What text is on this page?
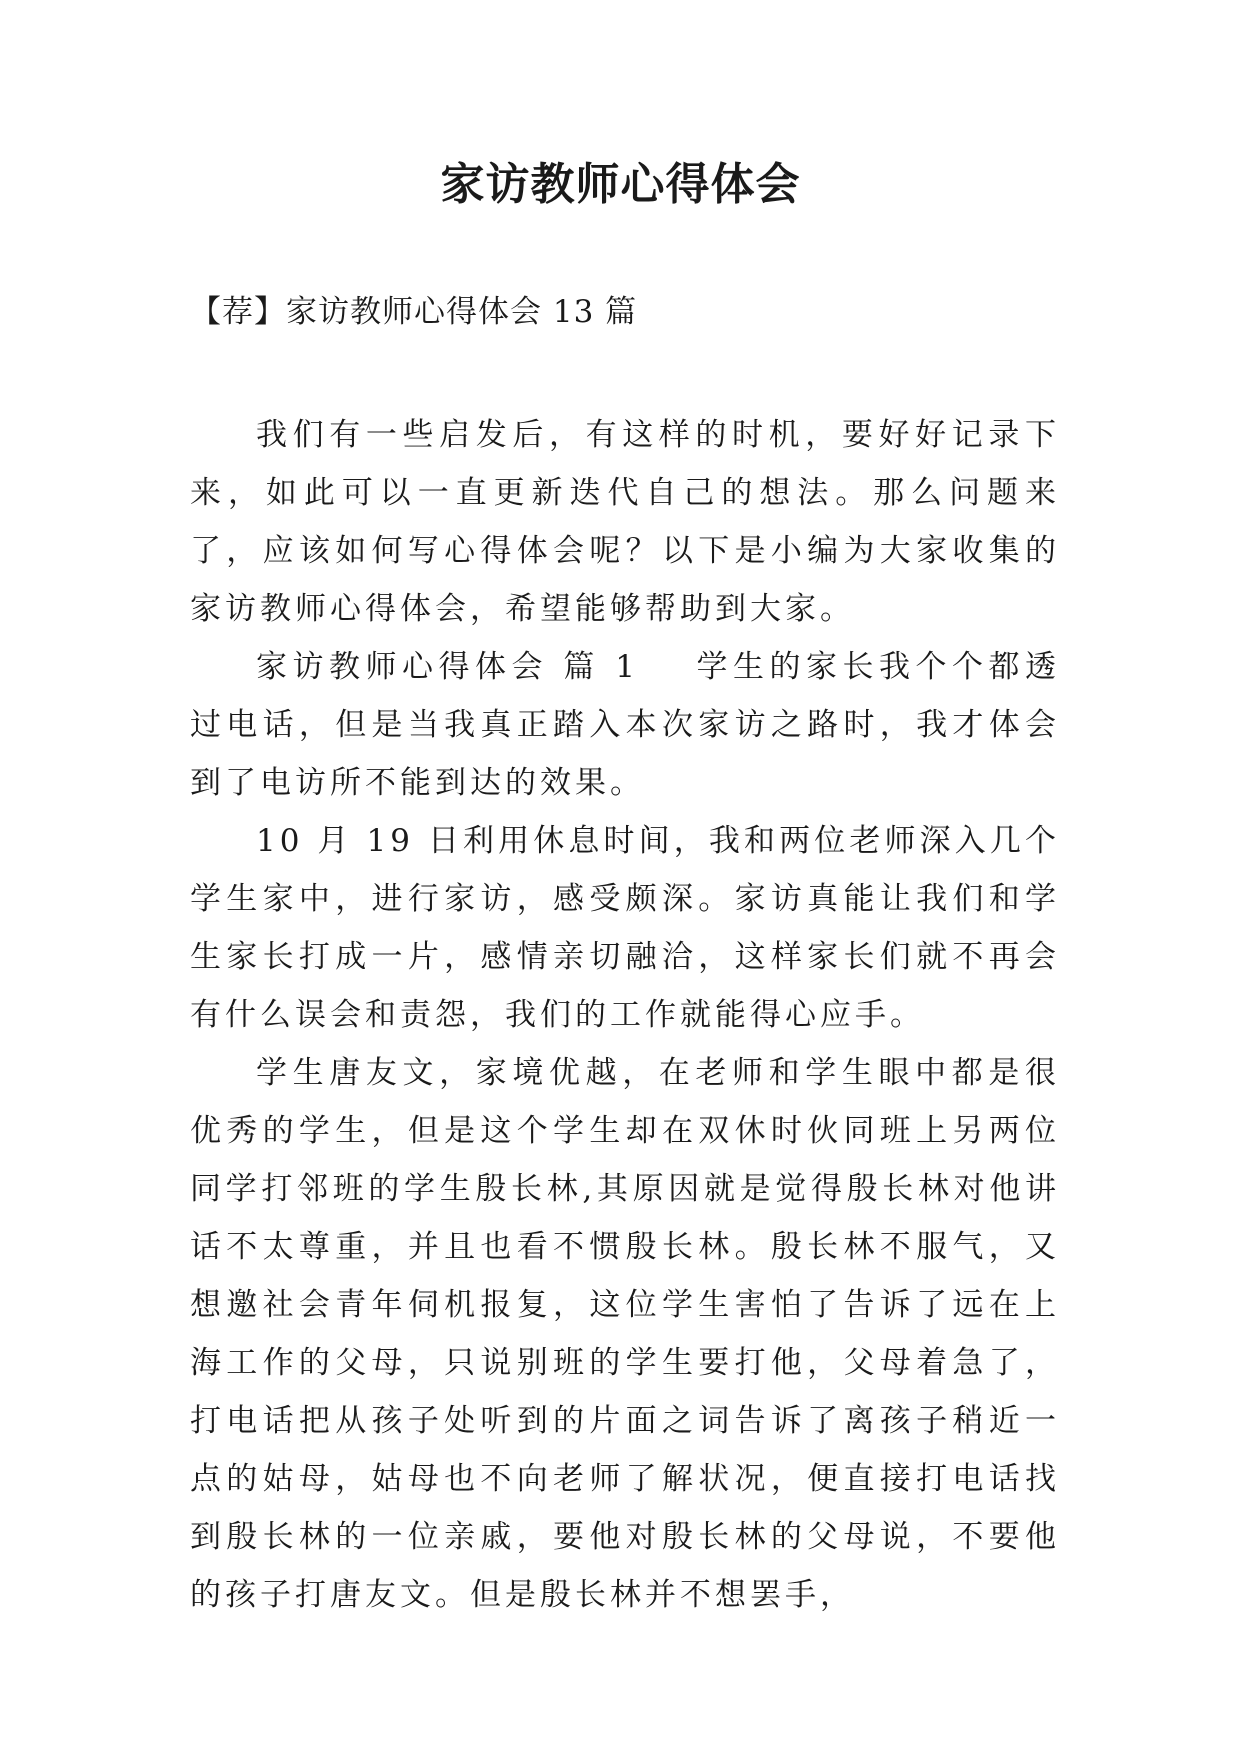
家访教师心得体会
【荐】家访教师心得体会 13 篇

我们有一些启发后，有这样的时机，要好好记录下来，如此可以一直更新迭代自己的想法。那么问题来了，应该如何写心得体会呢？以下是小编为大家收集的家访教师心得体会，希望能够帮助到大家。

家访教师心得体会 篇 1 学生的家长我个个都透过电话，但是当我真正踏入本次家访之路时，我才体会到了电访所不能到达的效果。

10 月 19 日利用休息时间，我和两位老师深入几个学生家中，进行家访，感受颇深。家访真能让我们和学生家长打成一片，感情亲切融洽，这样家长们就不再会有什么误会和责怨，我们的工作就能得心应手。

学生唐友文，家境优越，在老师和学生眼中都是很优秀的学生，但是这个学生却在双休时伙同班上另两位同学打邻班的学生殷长林,其原因就是觉得殷长林对他讲话不太尊重，并且也看不惯殷长林。殷长林不服气，又想邀社会青年伺机报复，这位学生害怕了告诉了远在上海工作的父母，只说别班的学生要打他，父母着急了，打电话把从孩子处听到的片面之词告诉了离孩子稍近一点的姑母，姑母也不向老师了解状况，便直接打电话找到殷长林的一位亲戚，要他对殷长林的父母说，不要他的孩子打唐友文。但是殷长林并不想罢手，
